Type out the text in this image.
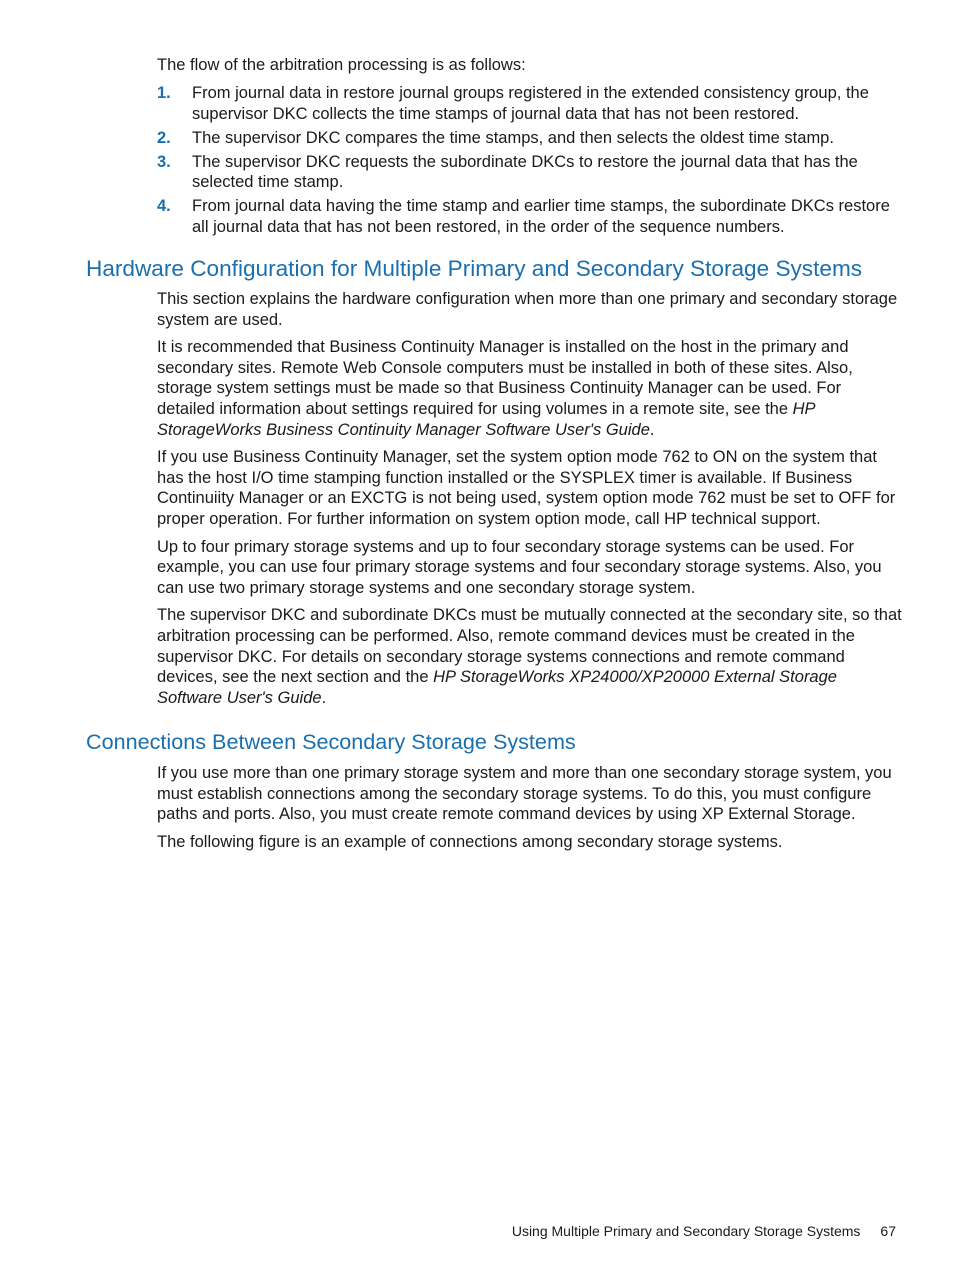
The flow of the arbitration processing is as follows:

1. From journal data in restore journal groups registered in the extended consistency group, the supervisor DKC collects the time stamps of journal data that has not been restored.
2. The supervisor DKC compares the time stamps, and then selects the oldest time stamp.
3. The supervisor DKC requests the subordinate DKCs to restore the journal data that has the selected time stamp.
4. From journal data having the time stamp and earlier time stamps, the subordinate DKCs restore all journal data that has not been restored, in the order of the sequence numbers.
Hardware Configuration for Multiple Primary and Secondary Storage Systems

This section explains the hardware configuration when more than one primary and secondary storage system are used.

It is recommended that Business Continuity Manager is installed on the host in the primary and secondary sites. Remote Web Console computers must be installed in both of these sites. Also, storage system settings must be made so that Business Continuity Manager can be used. For detailed information about settings required for using volumes in a remote site, see the HP StorageWorks Business Continuity Manager Software User's Guide.

If you use Business Continuity Manager, set the system option mode 762 to ON on the system that has the host I/O time stamping function installed or the SYSPLEX timer is available. If Business Continuiity Manager or an EXCTG is not being used, system option mode 762 must be set to OFF for proper operation. For further information on system option mode, call HP technical support.

Up to four primary storage systems and up to four secondary storage systems can be used. For example, you can use four primary storage systems and four secondary storage systems. Also, you can use two primary storage systems and one secondary storage system.

The supervisor DKC and subordinate DKCs must be mutually connected at the secondary site, so that arbitration processing can be performed. Also, remote command devices must be created in the supervisor DKC. For details on secondary storage systems connections and remote command devices, see the next section and the HP StorageWorks XP24000/XP20000 External Storage Software User's Guide.

Connections Between Secondary Storage Systems

If you use more than one primary storage system and more than one secondary storage system, you must establish connections among the secondary storage systems. To do this, you must configure paths and ports. Also, you must create remote command devices by using XP External Storage.

The following figure is an example of connections among secondary storage systems.

Using Multiple Primary and Secondary Storage Systems 67
